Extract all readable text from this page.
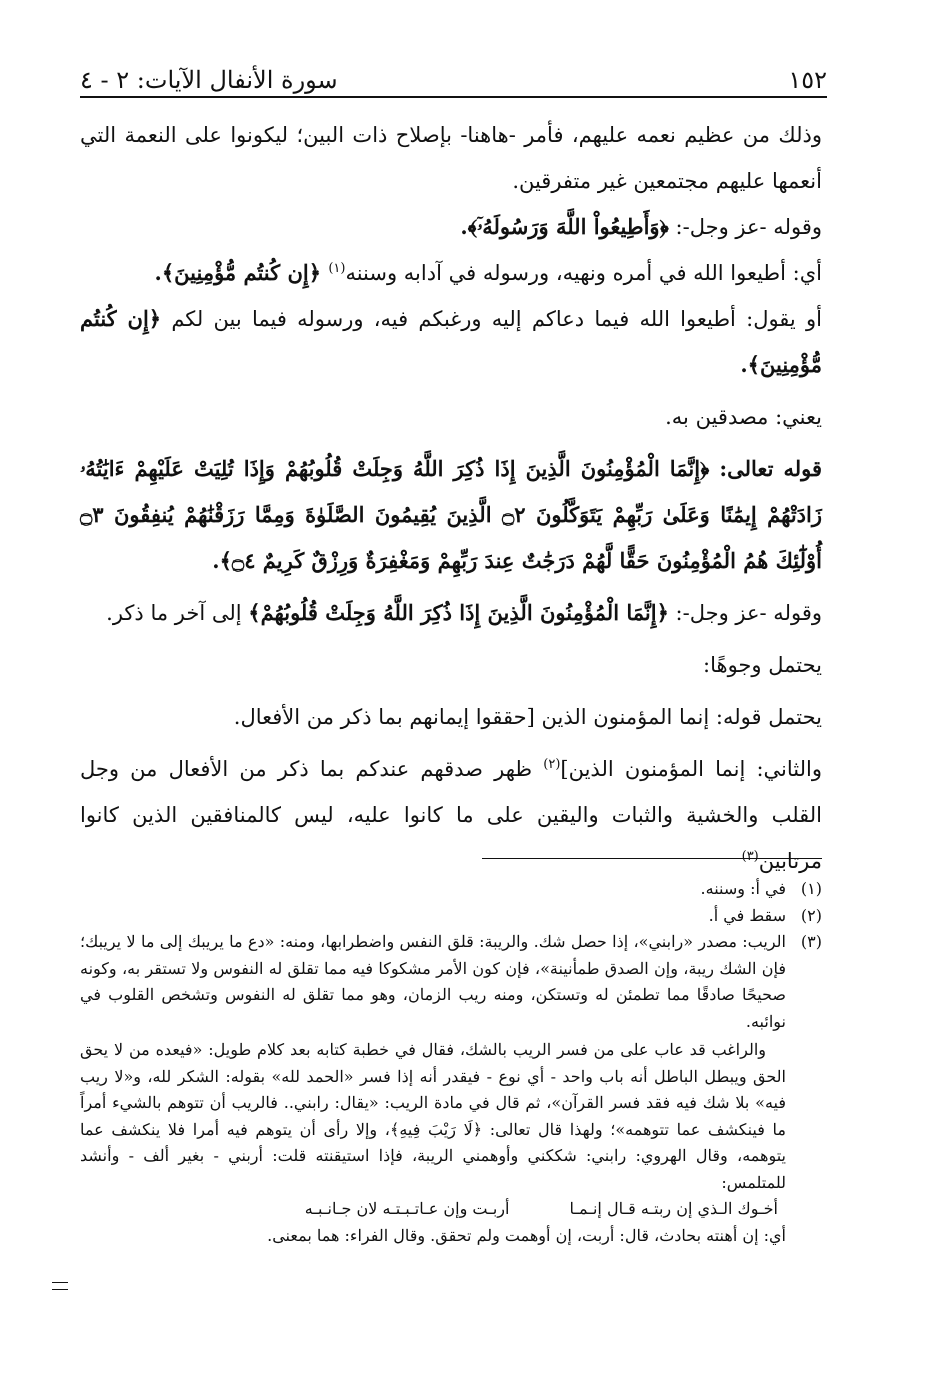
١٥٢
سورة الأنفال الآيات: ٢ - ٤

وذلك من عظيم نعمه عليهم، فأمر -هاهنا- بإصلاح ذات البين؛ ليكونوا على النعمة التي أنعمها عليهم مجتمعين غير متفرقين.

وقوله -عز وجل-: ﴿وَأَطِيعُواْ اللَّهَ وَرَسُولَهُۥٓ﴾.

أي: أطيعوا الله في أمره ونهيه، ورسوله في آدابه وسننه$^{(١)}$ ﴿إِن كُنتُم مُّؤْمِنِينَ﴾.

أو يقول: أطيعوا الله فيما دعاكم إليه ورغبكم فيه، ورسوله فيما بين لكم ﴿إِن كُنتُم مُّؤْمِنِينَ﴾.

يعني: مصدقين به.

قوله تعالى: ﴿إِنَّمَا الْمُؤْمِنُونَ الَّذِينَ إِذَا ذُكِرَ اللَّهُ وَجِلَتْ قُلُوبُهُمْ وَإِذَا تُلِيَتْ عَلَيْهِمْ ءَايَٰتُهُۥ زَادَتْهُمْ إِيمَٰنًا وَعَلَىٰ رَبِّهِمْ يَتَوَكَّلُونَ ۝٢ الَّذِينَ يُقِيمُونَ الصَّلَوٰةَ وَمِمَّا رَزَقْنَٰهُمْ يُنفِقُونَ ۝٣ أُوْلَٰٓئِكَ هُمُ الْمُؤْمِنُونَ حَقًّا لَّهُمْ دَرَجَٰتٌ عِندَ رَبِّهِمْ وَمَغْفِرَةٌ وَرِزْقٌ كَرِيمٌ ۝٤﴾.

وقوله -عز وجل-: ﴿إِنَّمَا الْمُؤْمِنُونَ الَّذِينَ إِذَا ذُكِرَ اللَّهُ وَجِلَتْ قُلُوبُهُمْ﴾ إلى آخر ما ذكر.

يحتمل وجوهًا:

يحتمل قوله: إنما المؤمنون الذين [حققوا إيمانهم بما ذكر من الأفعال.

والثاني: إنما المؤمنون الذين]$^{(٢)}$ ظهر صدقهم عندكم بما ذكر من الأفعال من وجل القلب والخشية والثبات واليقين على ما كانوا عليه، ليس كالمنافقين الذين كانوا مرتابين$^{(٣)}$

(١)
في أ: وسننه.
(٢)
سقط في أ.
(٣)
الريب: مصدر «رابني»، إذا حصل شك. والريبة: قلق النفس واضطرابها، ومنه: «دع ما يريبك إلى ما لا يريبك؛ فإن الشك ريبة، وإن الصدق طمأنينة»، فإن كون الأمر مشكوكا فيه مما تقلق له النفوس ولا تستقر به، وكونه صحيحًا صادقًا مما تطمئن له وتستكن، ومنه ريب الزمان، وهو مما تقلق له النفوس وتشخص القلوب في نوائبه.

والراغب قد عاب على من فسر الريب بالشك، فقال في خطبة كتابه بعد كلام طويل: «فيعده من لا يحق الحق ويبطل الباطل أنه باب واحد - أي نوع - فيقدر أنه إذا فسر «الحمد لله» بقوله: الشكر لله، و«لا ريب فيه» بلا شك فيه فقد فسر القرآن»، ثم قال في مادة الريب: «يقال: رابني.. فالريب أن تتوهم بالشيء أمراً ما فينكشف عما تتوهمه»؛ ولهذا قال تعالى: ﴿لَا رَيْبَ فِيهِ﴾، وإلا رأى أن يتوهم فيه أمرا فلا ينكشف عما يتوهمه، وقال الهروي: رابني: شككني وأوهمني الريبة، فإذا استيقنته قلت: أربني - بغير ألف - وأنشد للمتلمس:

أخـوك الـذي إن ربتـه قـال إنـمـا
أربـت وإن عـاتـبـتـه لان جـانـبـه

أي: إن أهنته بحادث، قال: أربت، إن أوهمت ولم تحقق. وقال الفراء: هما بمعنى.
